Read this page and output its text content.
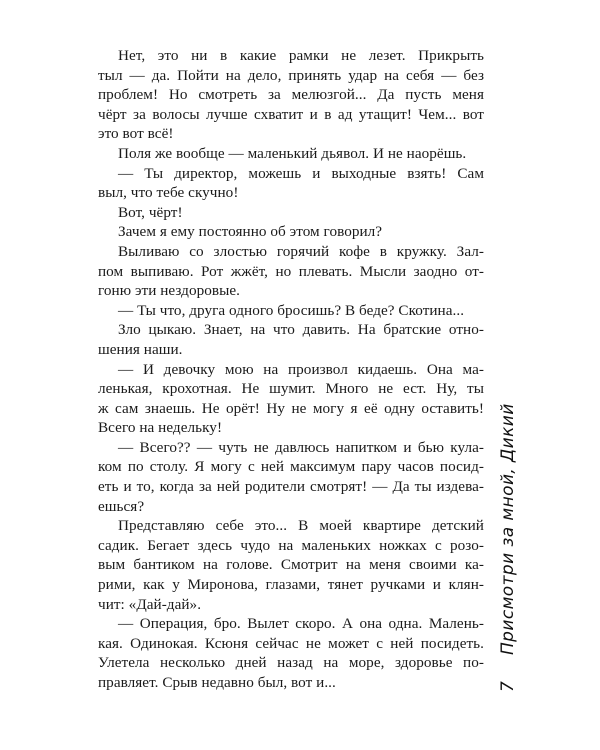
Нет, это ни в какие рамки не лезет. Прикрыть
тыл — да. Пойти на дело, принять удар на себя — без
проблем! Но смотреть за мелюзгой... Да пусть меня
чёрт за волосы лучше схватит и в ад утащит! Чем... вот
это вот всё!
Поля же вообще — маленький дьявол. И не наорёшь.
— Ты директор, можешь и выходные взять! Сам
выл, что тебе скучно!
Вот, чёрт!
Зачем я ему постоянно об этом говорил?
Выливаю со злостью горячий кофе в кружку. Зал-
пом выпиваю. Рот жжёт, но плевать. Мысли заодно от-
гоню эти нездоровые.
— Ты что, друга одного бросишь? В беде? Скотина...
Зло цыкаю. Знает, на что давить. На братские отно-
шения наши.
— И девочку мою на произвол кидаешь. Она ма-
ленькая, крохотная. Не шумит. Много не ест. Ну, ты
ж сам знаешь. Не орёт! Ну не могу я её одну оставить!
Всего на недельку!
— Всего?? — чуть не давлюсь напитком и бью кула-
ком по столу. Я могу с ней максимум пару часов посид-
еть и то, когда за ней родители смотрят! — Да ты издева-
ешься?
Представляю себе это... В моей квартире детский
садик. Бегает здесь чудо на маленьких ножках с розо-
вым бантиком на голове. Смотрит на меня своими ка-
рими, как у Миронова, глазами, тянет ручками и клян-
чит: «Дай-дай».
— Операция, бро. Вылет скоро. А она одна. Малень-
кая. Одинокая. Ксюня сейчас не может с ней посидеть.
Улетела несколько дней назад на море, здоровье по-
правляет. Срыв недавно был, вот и...
Присмотри за мной, Дикий
7
